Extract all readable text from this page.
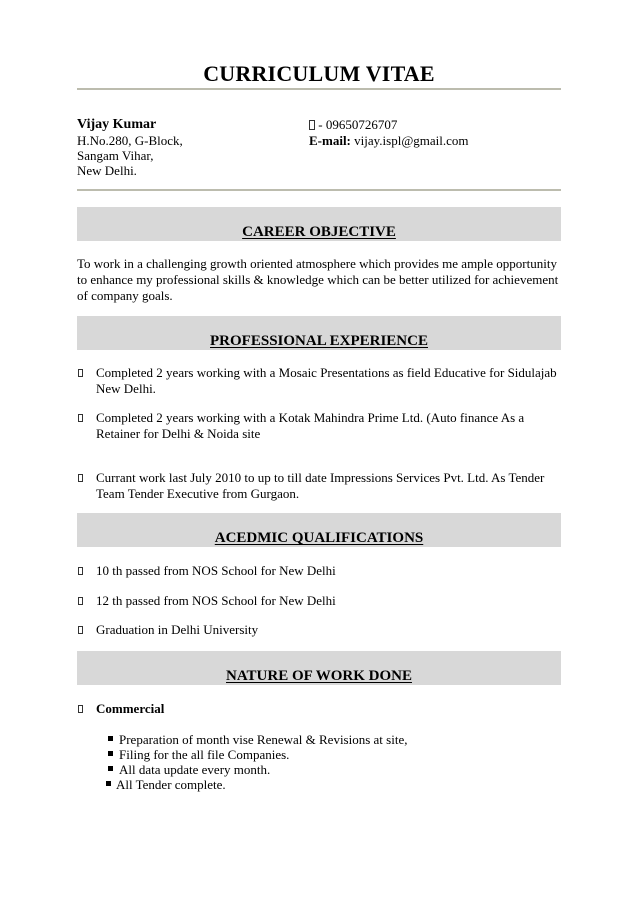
CURRICULUM VITAE
Vijay Kumar
H.No.280, G-Block,
Sangam Vihar,
New Delhi.
- 09650726707
E-mail: vijay.ispl@gmail.com
CAREER OBJECTIVE
To work in a challenging growth oriented atmosphere which provides me ample opportunity to enhance my professional skills & knowledge which can be better utilized for achievement of company goals.
PROFESSIONAL EXPERIENCE
Completed 2 years working with a Mosaic Presentations as field Educative for Sidulajab New Delhi.
Completed 2 years working with a Kotak Mahindra Prime Ltd. (Auto finance As a Retainer for Delhi & Noida site
Currant work last July 2010 to up to till date Impressions Services Pvt. Ltd. As Tender Team Tender Executive from Gurgaon.
ACEDMIC QUALIFICATIONS
10 th passed from NOS School for New Delhi
12 th passed from NOS School for New Delhi
Graduation in Delhi University
NATURE OF WORK DONE
Commercial
Preparation of month vise Renewal & Revisions at site,
Filing for the all file Companies.
All data update every month.
All Tender complete.
